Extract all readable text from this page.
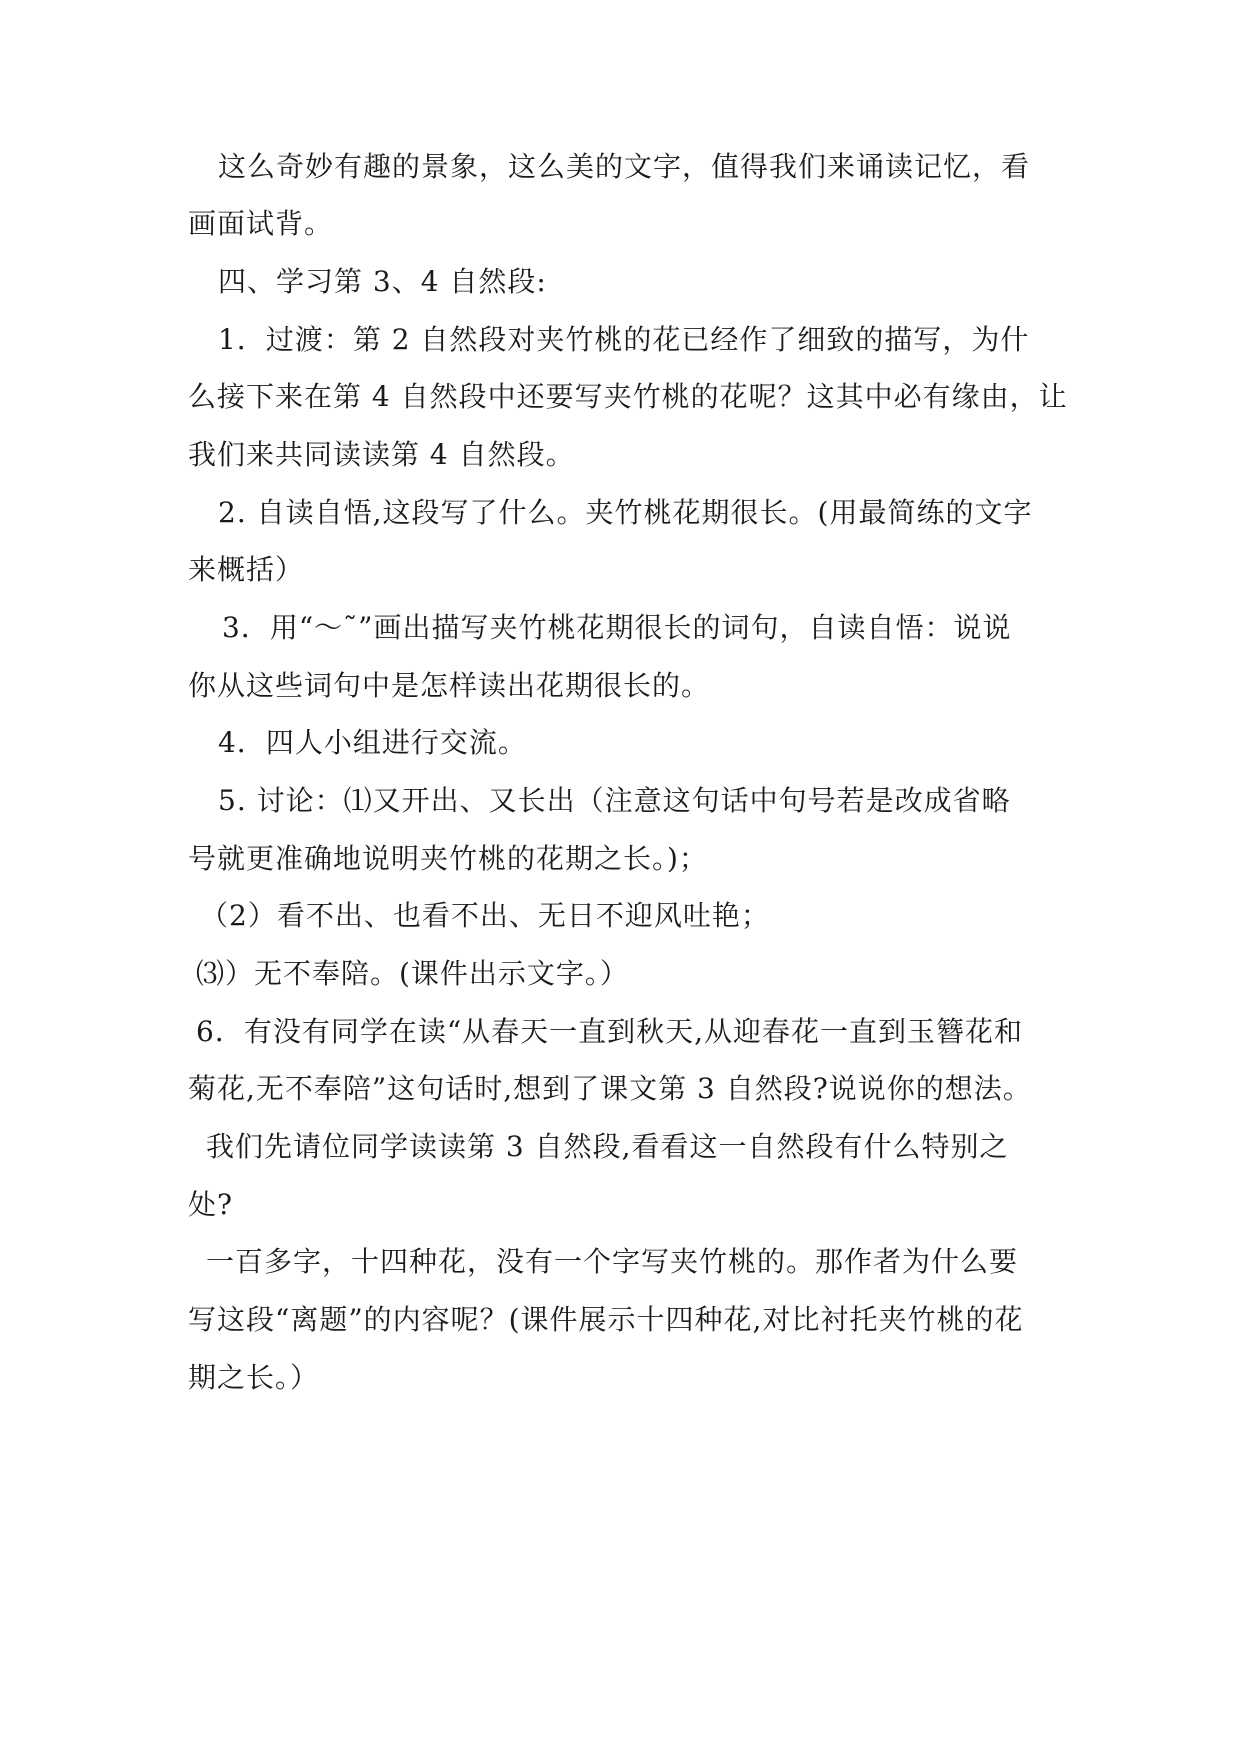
这么奇妙有趣的景象，这么美的文字，值得我们来诵读记忆，看
画面试背。
四、学习第 3、4 自然段:
1．过渡：第 2 自然段对夹竹桃的花已经作了细致的描写，为什
么接下来在第 4 自然段中还要写夹竹桃的花呢？这其中必有缘由，让
我们来共同读读第 4 自然段。
2. 自读自悟,这段写了什么。夹竹桃花期很长。(用最简练的文字
来概括）
3．用“～˜”画出描写夹竹桃花期很长的词句，自读自悟：说说
你从这些词句中是怎样读出花期很长的。
4．四人小组进行交流。
5. 讨论：⑴又开出、又长出（注意这句话中句号若是改成省略
号就更准确地说明夹竹桃的花期之长。)；
（2）看不出、也看不出、无日不迎风吐艳；
⑶）无不奉陪。(课件出示文字。）
6．有没有同学在读“从春天一直到秋天,从迎春花一直到玉簪花和
菊花,无不奉陪”这句话时,想到了课文第 3 自然段?说说你的想法。
我们先请位同学读读第 3 自然段,看看这一自然段有什么特别之
处?
一百多字，十四种花，没有一个字写夹竹桃的。那作者为什么要
写这段“离题”的内容呢？(课件展示十四种花,对比衬托夹竹桃的花
期之长。）
